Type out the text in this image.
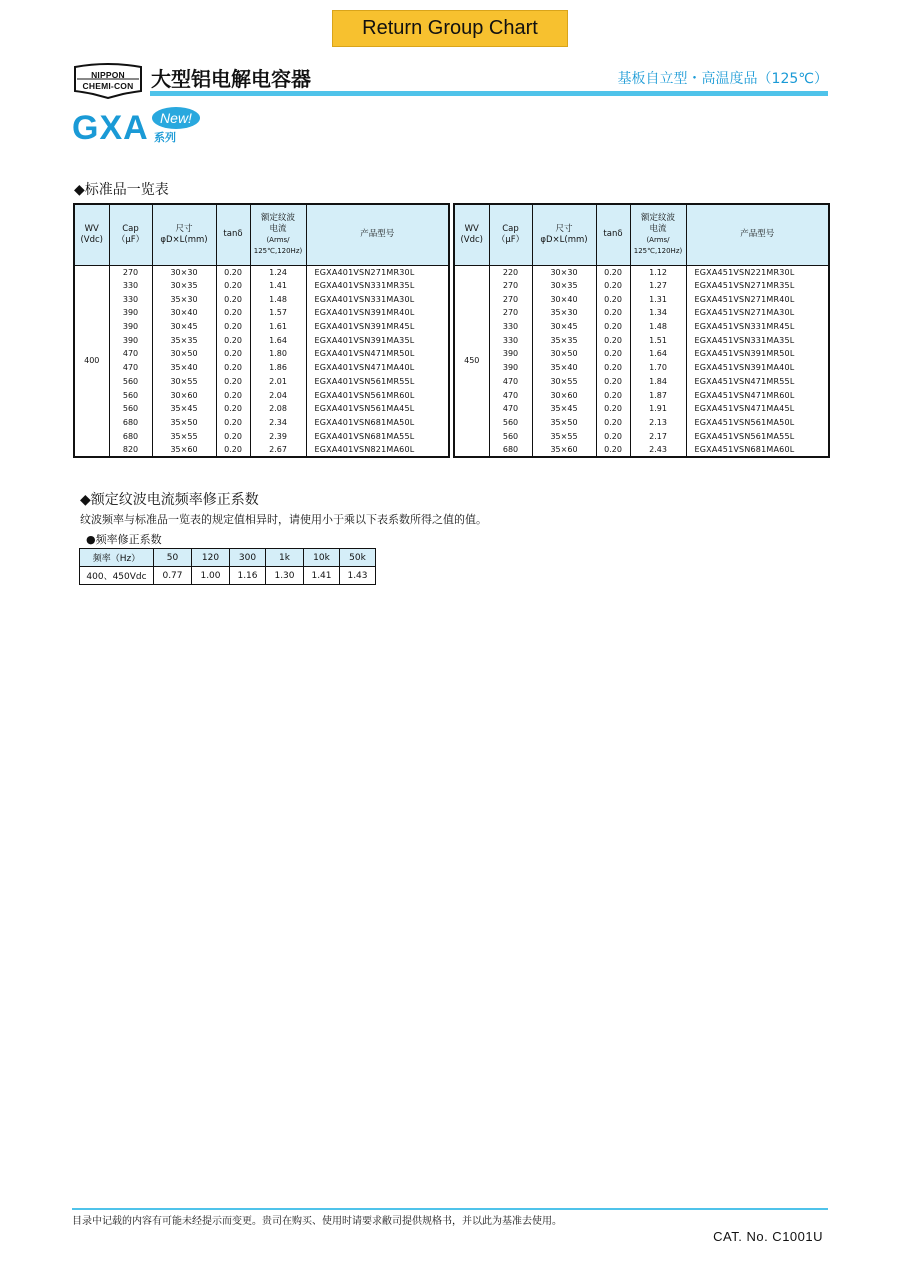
Return Group Chart
NIPPON
CHEMI-CON 大型铝电解电容器	基板自立型・高温度品（125℃）
GXA New!
系列
◆标准品一览表
WV
(Vdc)	Cap
（μF）	尺寸
φD×L(mm)	tanδ	额定纹波
电流
(Arms/
125℃,120Hz)	产品型号
400	270	30×30	0.20	1.24	EGXA401VSN271MR30L
	330	30×35	0.20	1.41	EGXA401VSN331MR35L
	330	35×30	0.20	1.48	EGXA401VSN331MA30L
	390	30×40	0.20	1.57	EGXA401VSN391MR40L
	390	30×45	0.20	1.61	EGXA401VSN391MR45L
	390	35×35	0.20	1.64	EGXA401VSN391MA35L
	470	30×50	0.20	1.80	EGXA401VSN471MR50L
	470	35×40	0.20	1.86	EGXA401VSN471MA40L
	560	30×55	0.20	2.01	EGXA401VSN561MR55L
	560	30×60	0.20	2.04	EGXA401VSN561MR60L
	560	35×45	0.20	2.08	EGXA401VSN561MA45L
	680	35×50	0.20	2.34	EGXA401VSN681MA50L
	680	35×55	0.20	2.39	EGXA401VSN681MA55L
	820	35×60	0.20	2.67	EGXA401VSN821MA60L
WV
(Vdc)	Cap
（μF）	尺寸
φD×L(mm)	tanδ	额定纹波
电流
(Arms/
125℃,120Hz)	产品型号
450	220	30×30	0.20	1.12	EGXA451VSN221MR30L
	270	30×35	0.20	1.27	EGXA451VSN271MR35L
	270	30×40	0.20	1.31	EGXA451VSN271MR40L
	270	35×30	0.20	1.34	EGXA451VSN271MA30L
	330	30×45	0.20	1.48	EGXA451VSN331MR45L
	330	35×35	0.20	1.51	EGXA451VSN331MA35L
	390	30×50	0.20	1.64	EGXA451VSN391MR50L
	390	35×40	0.20	1.70	EGXA451VSN391MA40L
	470	30×55	0.20	1.84	EGXA451VSN471MR55L
	470	30×60	0.20	1.87	EGXA451VSN471MR60L
	470	35×45	0.20	1.91	EGXA451VSN471MA45L
	560	35×50	0.20	2.13	EGXA451VSN561MA50L
	560	35×55	0.20	2.17	EGXA451VSN561MA55L
	680	35×60	0.20	2.43	EGXA451VSN681MA60L
◆额定纹波电流频率修正系数
纹波频率与标准品一览表的规定值相异时，请使用小于乘以下表系数所得之值的值。
●频率修正系数
频率（Hz）	50	120	300	1k	10k	50k
400、450Vdc	0.77	1.00	1.16	1.30	1.41	1.43
目录中记载的内容有可能未经提示而变更。贵司在购买、使用时请要求敝司提供规格书，并以此为基准去使用。
CAT. No. C1001U
